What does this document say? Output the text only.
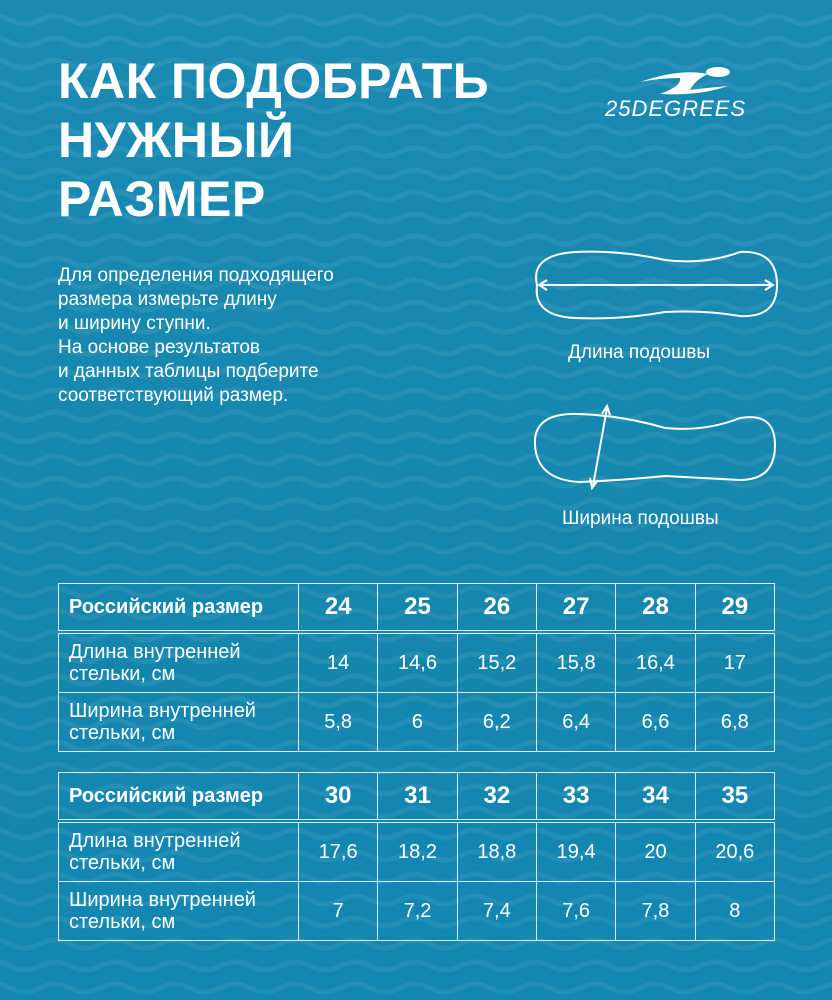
КАК ПОДОБРАТЬ
НУЖНЫЙ
РАЗМЕР
25DEGREES
Для определения подходящего
размера измерьте длину
и ширину ступни.
На основе результатов
и данных таблицы подберите
соответствующий размер.
Длина подошвы
Ширина подошвы
Российский размер	24	25	26	27	28	29

Длина внутренней
стельки, см	14	14,6	15,2	15,8	16,4	17

Ширина внутренней
стельки, см	5,8	6	6,2	6,4	6,6	6,8
Российский размер	30	31	32	33	34	35

Длина внутренней
стельки, см	17,6	18,2	18,8	19,4	20	20,6

Ширина внутренней
стельки, см	7	7,2	7,4	7,6	7,8	8
